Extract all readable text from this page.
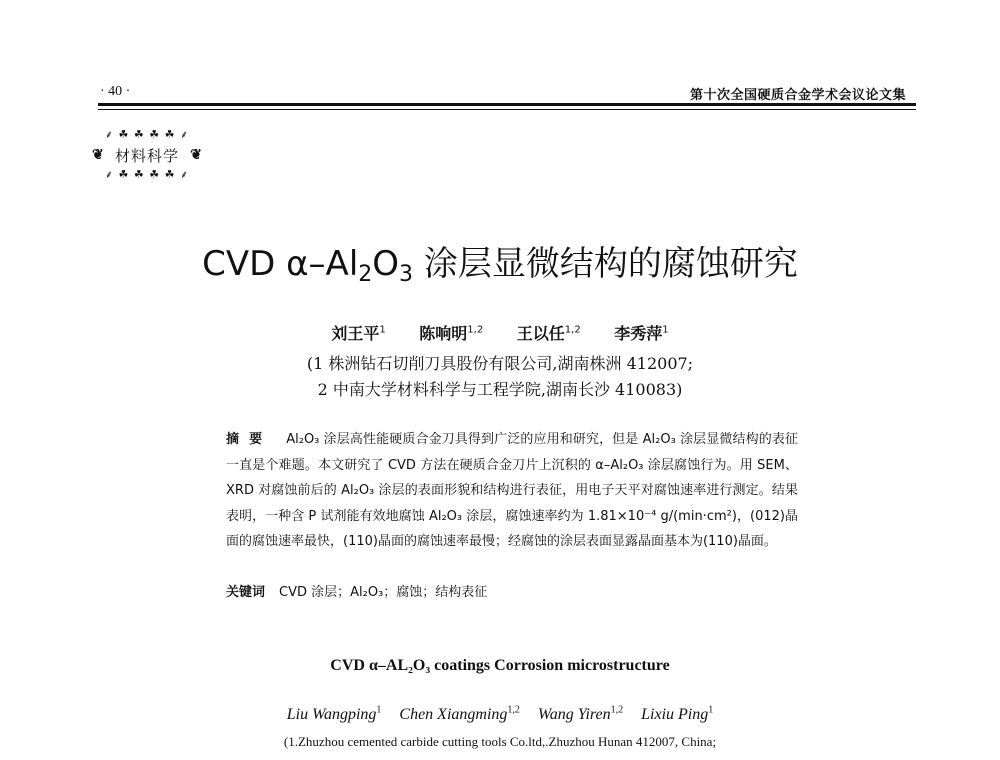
· 40 ·	第十次全国硬质合金学术会议论文集
⸙ ☘ ☘ ☘ ☘ ⸙
❦ 材料科学 ❦
⸙ ☘ ☘ ☘ ☘ ⸙
CVD $\alpha-Al_2O_3$ 涂层显微结构的腐蚀研究
刘王平$^1$ 陈响明$^{1,2}$ 王以任$^{1,2}$ 李秀萍$^1$
(1 株洲钻石切削刀具股份有限公司,湖南株洲 412007;
2 中南大学材料科学与工程学院,湖南长沙 410083)
摘要 Al₂O₃ 涂层高性能硬质合金刀具得到广泛的应用和研究，但是 Al₂O₃ 涂层显微结构的表征一直是个难题。本文研究了 CVD 方法在硬质合金刀片上沉积的 α–Al₂O₃ 涂层腐蚀行为。用 SEM、XRD 对腐蚀前后的 Al₂O₃ 涂层的表面形貌和结构进行表征，用电子天平对腐蚀速率进行测定。结果表明，一种含 P 试剂能有效地腐蚀 Al₂O₃ 涂层，腐蚀速率约为 1.81×10⁻⁴ g/(min·cm²)，(012)晶面的腐蚀速率最快，(110)晶面的腐蚀速率最慢；经腐蚀的涂层表面显露晶面基本为(110)晶面。
关键词 CVD 涂层；Al₂O₃；腐蚀；结构表征
CVD α–AL₂O₃ coatings Corrosion microstructure
Liu Wangping$^1$ Chen Xiangming$^{1,2}$ Wang Yiren$^{1,2}$ Lixiu Ping$^1$
(1.Zhuzhou cemented carbide cutting tools Co.ltd,.Zhuzhou Hunan 412007, China;
